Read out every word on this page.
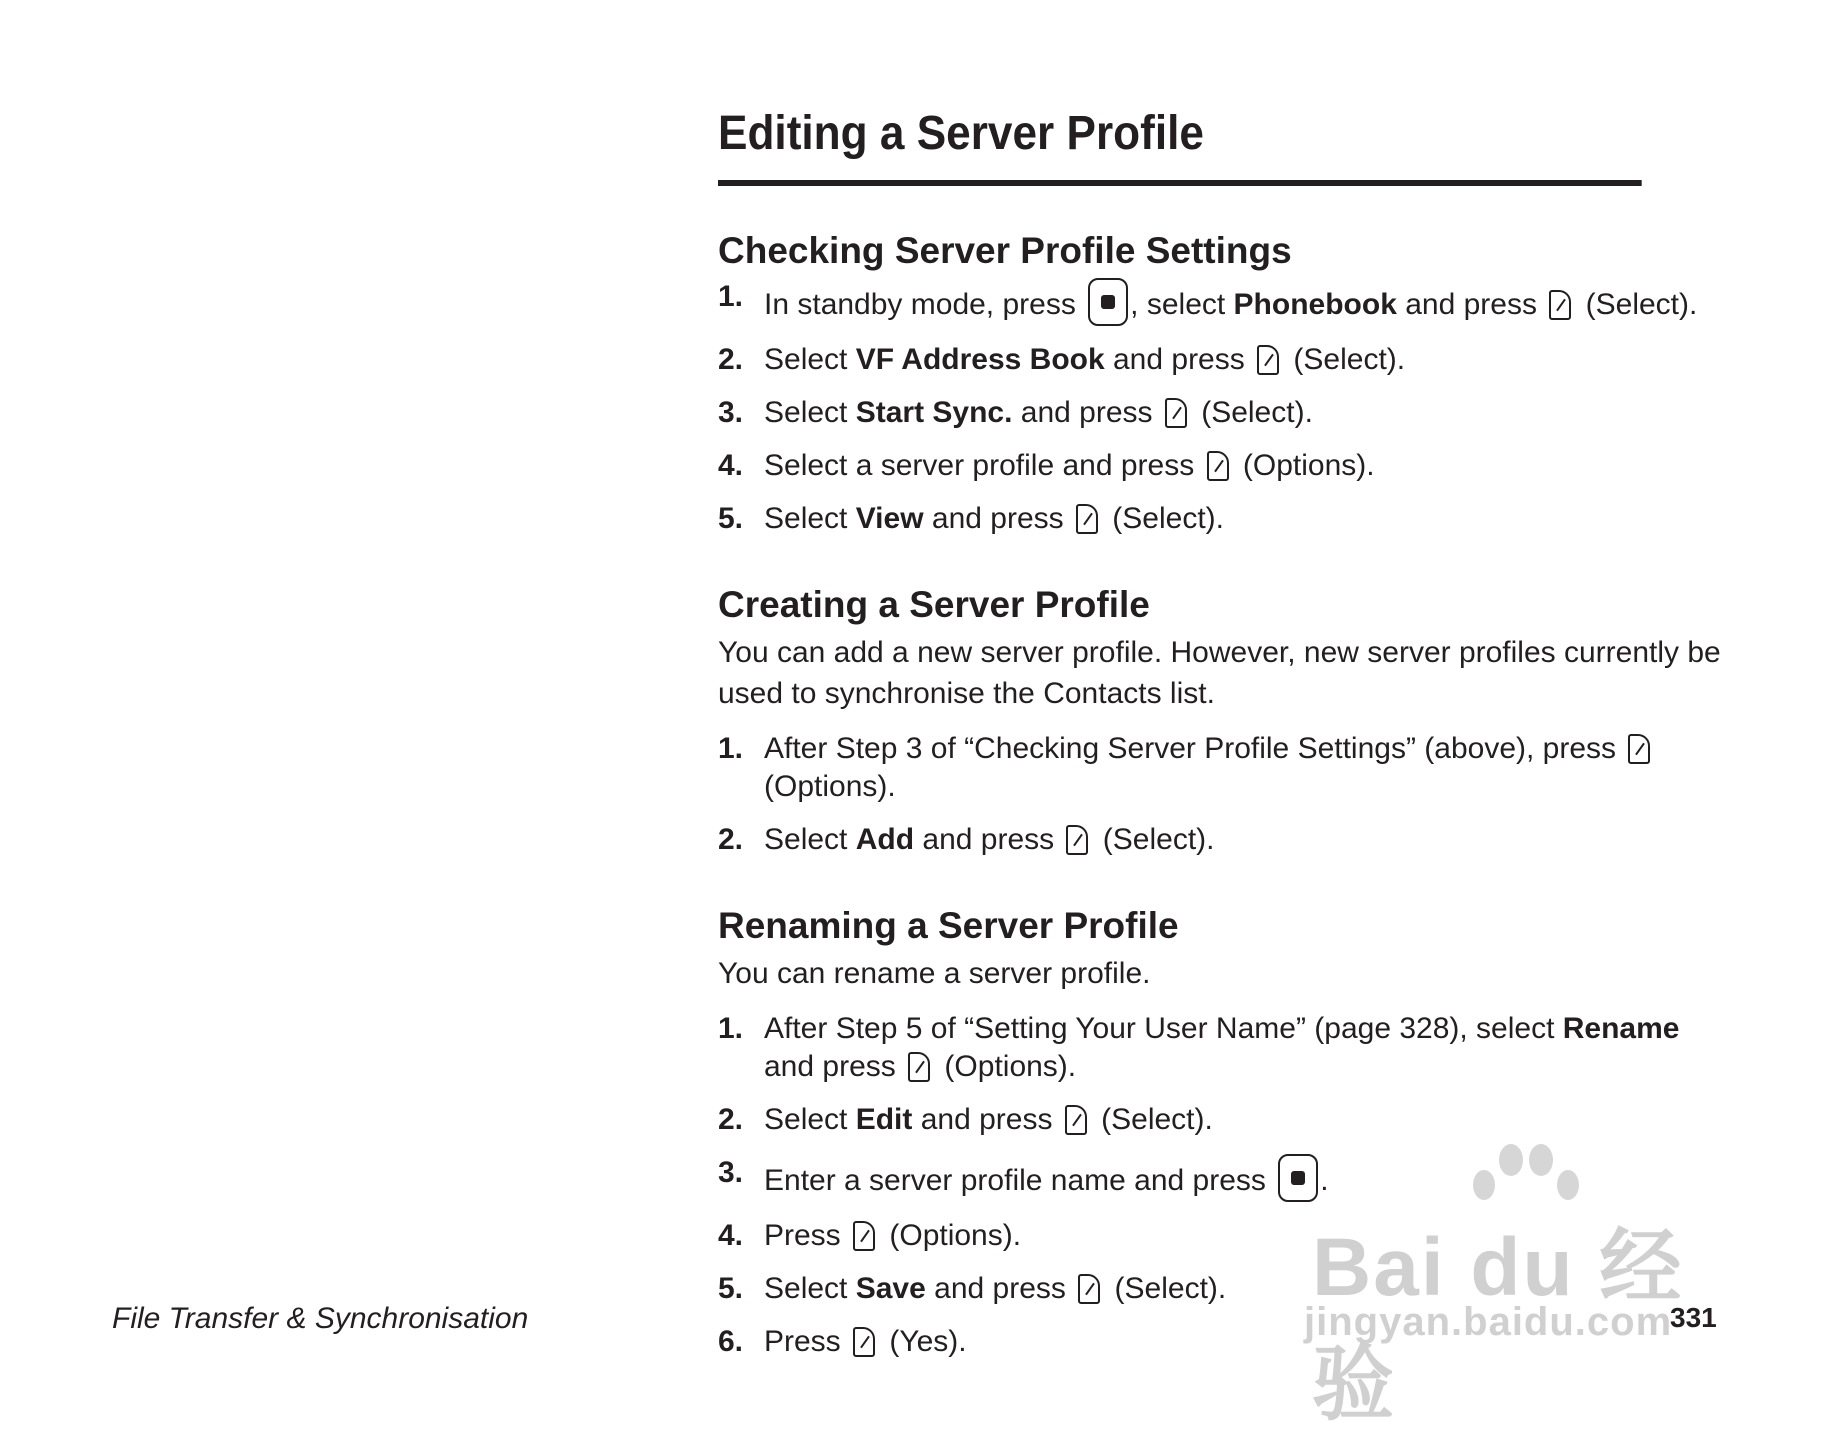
Editing a Server Profile
Checking Server Profile Settings
1. In standby mode, press , select Phonebook and press  (Select).
2. Select VF Address Book and press  (Select).
3. Select Start Sync. and press  (Select).
4. Select a server profile and press  (Options).
5. Select View and press  (Select).
Creating a Server Profile

You can add a new server profile. However, new server profiles currently be used to synchronise the Contacts list.

1. After Step 3 of “Checking Server Profile Settings” (above), press  (Options).
2. Select Add and press  (Select).
Renaming a Server Profile

You can rename a server profile.

1. After Step 5 of “Setting Your User Name” (page 328), select Rename and press  (Options).
2. Select Edit and press  (Select).
3. Enter a server profile name and press .
4. Press  (Options).
5. Select Save and press  (Select).
6. Press  (Yes).
File Transfer & Synchronisation	331
Bai du 经验
jingyan.baidu.com
